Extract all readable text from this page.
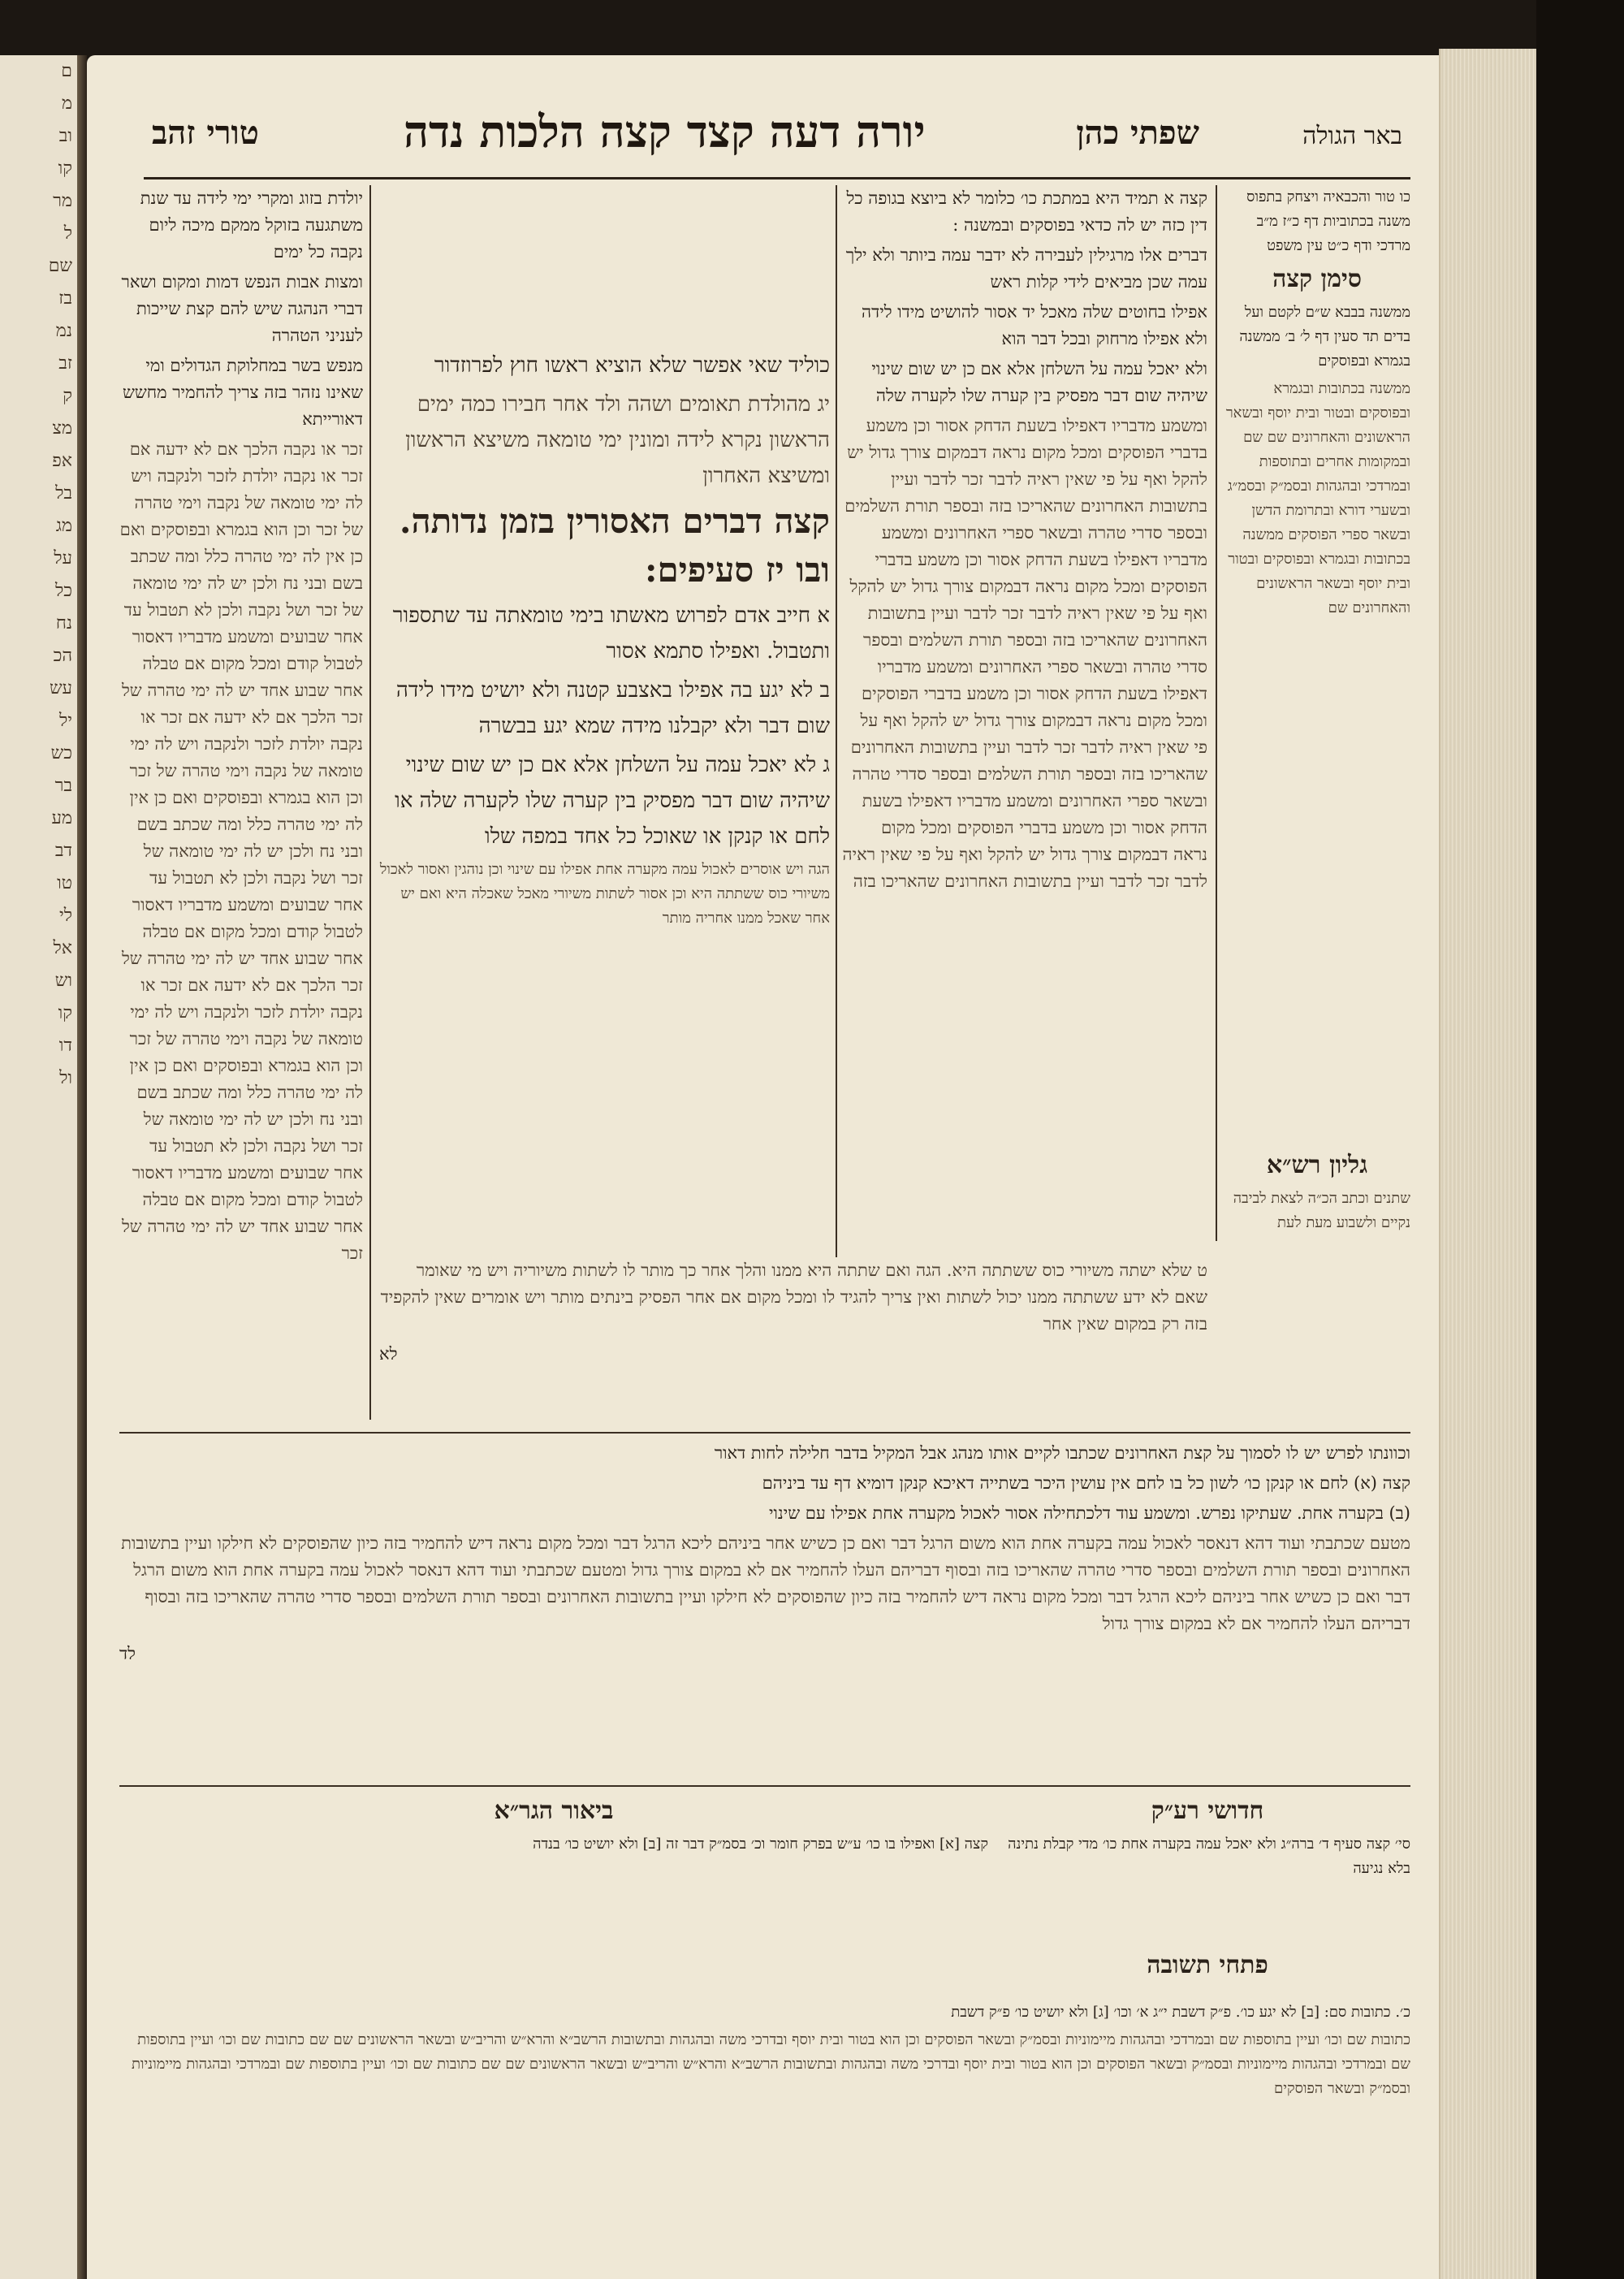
ם
מ
וב
קו
מר
ל
שם
בז
נמ
זב
ק
מצ
אפ
בל
מג
על
כל
נח
הכ
עש
יל
כש
בר
מע
דב
טו
לי
אל
וש
קו
דו
ול
באר הגולה
שפתי כהן
יורה דעה קצד קצה הלכות נדה
טורי זהב

כו טור והכבאיה ויצחק בתפוס משנה בכתוביות דף כ״ז מ״ב מרדכי ודף כ״ט עין משפט

סימן קצה

ממשנה בבבא ש״ם לקטם ועל בדים תד סעין דף ל׳ ב׳ ממשנה בגמרא ובפוסקים

ממשנה בכתובות ובגמרא ובפוסקים ובטור ובית יוסף ובשאר הראשונים והאחרונים שם שם ובמקומות אחרים ובתוספות ובמרדכי ובהגהות ובסמ״ק ובסמ״ג ובשערי דורא ובתרומת הדשן ובשאר ספרי הפוסקים ממשנה בכתובות ובגמרא ובפוסקים ובטור ובית יוסף ובשאר הראשונים והאחרונים שם

גליון רש״א

שתנים וכתב הכ״ה לצאת לביבה נקיים ולשבוע מעת לעת

קצה א תמיד היא במתכת כו׳ כלומר לא ביוצא בגופה כל דין כזה יש לה כדאי בפוסקים ובמשנה :

דברים אלו מרגילין לעבירה לא ידבר עמה ביותר ולא ילך עמה שכן מביאים לידי קלות ראש

אפילו בחוטים שלה מאכל יד אסור להושיט מידו לידה ולא אפילו מרחוק ובכל דבר הוא

ולא יאכל עמה על השלחן אלא אם כן יש שום שינוי שיהיה שום דבר מפסיק בין קערה שלו לקערה שלה

ומשמע מדבריו דאפילו בשעת הדחק אסור וכן משמע בדברי הפוסקים ומכל מקום נראה דבמקום צורך גדול יש להקל ואף על פי שאין ראיה לדבר זכר לדבר ועיין בתשובות האחרונים שהאריכו בזה ובספר תורת השלמים ובספר סדרי טהרה ובשאר ספרי האחרונים ומשמע מדבריו דאפילו בשעת הדחק אסור וכן משמע בדברי הפוסקים ומכל מקום נראה דבמקום צורך גדול יש להקל ואף על פי שאין ראיה לדבר זכר לדבר ועיין בתשובות האחרונים שהאריכו בזה ובספר תורת השלמים ובספר סדרי טהרה ובשאר ספרי האחרונים ומשמע מדבריו דאפילו בשעת הדחק אסור וכן משמע בדברי הפוסקים ומכל מקום נראה דבמקום צורך גדול יש להקל ואף על פי שאין ראיה לדבר זכר לדבר ועיין בתשובות האחרונים שהאריכו בזה ובספר תורת השלמים ובספר סדרי טהרה ובשאר ספרי האחרונים ומשמע מדבריו דאפילו בשעת הדחק אסור וכן משמע בדברי הפוסקים ומכל מקום נראה דבמקום צורך גדול יש להקל ואף על פי שאין ראיה לדבר זכר לדבר ועיין בתשובות האחרונים שהאריכו בזה

כוליד שאי אפשר שלא הוציא ראשו חוץ לפרוזדור

יג מהולדת תאומים ושהה ולד אחר חבירו כמה ימים הראשון נקרא לידה ומונין ימי טומאה משיצא הראשון ומשיצא האחרון

קצה דברים האסורין בזמן נדותה. ובו יז סעיפים:

א חייב אדם לפרוש מאשתו בימי טומאתה עד שתספור ותטבול. ואפילו סתמא אסור

ב לא יגע בה אפילו באצבע קטנה ולא יושיט מידו לידה שום דבר ולא יקבלנו מידה שמא יגע בבשרה

ג לא יאכל עמה על השלחן אלא אם כן יש שום שינוי שיהיה שום דבר מפסיק בין קערה שלו לקערה שלה או לחם או קנקן או שאוכל כל אחד במפה שלו

הגה ויש אוסרים לאכול עמה מקערה אחת אפילו עם שינוי וכן נוהגין ואסור לאכול משיורי כוס ששתתה היא וכן אסור לשתות משיורי מאכל שאכלה היא ואם יש אחר שאכל ממנו אחריה מותר

ט שלא ישתה משיורי כוס ששתתה היא. הגה ואם שתתה היא ממנו והלך אחר כך מותר לו לשתות משיוריה ויש מי שאומר שאם לא ידע ששתתה ממנו יכול לשתות ואין צריך להגיד לו ומכל מקום אם אחר הפסיק בינתים מותר ויש אומרים שאין להקפיד בזה רק במקום שאין אחר

לא

יולדת בזוג ומקרי ימי לידה עד שנת משתגעה בזוקל ממקם מיכה ליום נקבה כל ימים

ומצות אבות הנפש דמות ומקום ושאר דברי הנהגה שיש להם קצת שייכות לעניני הטהרה

מנפש בשר במחלוקת הגדולים ומי שאינו נזהר בזה צריך להחמיר מחשש דאורייתא

זכר או נקבה הלכך אם לא ידעה אם זכר או נקבה יולדת לזכר ולנקבה ויש לה ימי טומאה של נקבה וימי טהרה של זכר וכן הוא בגמרא ובפוסקים ואם כן אין לה ימי טהרה כלל ומה שכתב בשם ובני נח ולכן יש לה ימי טומאה של זכר ושל נקבה ולכן לא תטבול עד אחר שבועים ומשמע מדבריו דאסור לטבול קודם ומכל מקום אם טבלה אחר שבוע אחד יש לה ימי טהרה של זכר הלכך אם לא ידעה אם זכר או נקבה יולדת לזכר ולנקבה ויש לה ימי טומאה של נקבה וימי טהרה של זכר וכן הוא בגמרא ובפוסקים ואם כן אין לה ימי טהרה כלל ומה שכתב בשם ובני נח ולכן יש לה ימי טומאה של זכר ושל נקבה ולכן לא תטבול עד אחר שבועים ומשמע מדבריו דאסור לטבול קודם ומכל מקום אם טבלה אחר שבוע אחד יש לה ימי טהרה של זכר הלכך אם לא ידעה אם זכר או נקבה יולדת לזכר ולנקבה ויש לה ימי טומאה של נקבה וימי טהרה של זכר וכן הוא בגמרא ובפוסקים ואם כן אין לה ימי טהרה כלל ומה שכתב בשם ובני נח ולכן יש לה ימי טומאה של זכר ושל נקבה ולכן לא תטבול עד אחר שבועים ומשמע מדבריו דאסור לטבול קודם ומכל מקום אם טבלה אחר שבוע אחד יש לה ימי טהרה של זכר

וכוונתו לפרש יש לו לסמוך על קצת האחרונים שכתבו לקיים אותו מנהג אבל המקיל בדבר חלילה לחות דאור

קצה (א) לחם או קנקן כו׳ לשון כל בו לחם אין עושין היכר בשתייה דאיכא קנקן דומיא דף עד ביניהם

(ב) בקערה אחת. שעתיקו נפרש. ומשמע עוד דלכתחילה אסור לאכול מקערה אחת אפילו עם שינוי

מטעם שכתבתי ועוד דהא דנאסר לאכול עמה בקערה אחת הוא משום הרגל דבר ואם כן כשיש אחר ביניהם ליכא הרגל דבר ומכל מקום נראה דיש להחמיר בזה כיון שהפוסקים לא חילקו ועיין בתשובות האחרונים ובספר תורת השלמים ובספר סדרי טהרה שהאריכו בזה ובסוף דבריהם העלו להחמיר אם לא במקום צורך גדול ומטעם שכתבתי ועוד דהא דנאסר לאכול עמה בקערה אחת הוא משום הרגל דבר ואם כן כשיש אחר ביניהם ליכא הרגל דבר ומכל מקום נראה דיש להחמיר בזה כיון שהפוסקים לא חילקו ועיין בתשובות האחרונים ובספר תורת השלמים ובספר סדרי טהרה שהאריכו בזה ובסוף דבריהם העלו להחמיר אם לא במקום צורך גדול

לד

חדושי רע״ק

סי׳ קצה סעיף ד׳ ברה״ג ולא יאכל עמה בקערה אחת כו׳ מדי קבלת נתינה בלא נגיעה

ביאור הגר״א

קצה [א] ואפילו בו כו׳ ע״ש בפרק חומר וכ׳ בסמ״ק דבר זה [ב] ולא יושיט כו׳ בנדה

פתחי תשובה

כ׳. כתובות סם: [ב] לא יגע כו׳. פ״ק דשבת י״ג א׳ וכו׳ [ג] ולא יושיט כו׳ פ״ק דשבת

כתובות שם וכו׳ ועיין בתוספות שם ובמרדכי ובהגהות מיימוניות ובסמ״ק ובשאר הפוסקים וכן הוא בטור ובית יוסף ובדרכי משה ובהגהות ובתשובות הרשב״א והרא״ש והריב״ש ובשאר הראשונים שם שם כתובות שם וכו׳ ועיין בתוספות שם ובמרדכי ובהגהות מיימוניות ובסמ״ק ובשאר הפוסקים וכן הוא בטור ובית יוסף ובדרכי משה ובהגהות ובתשובות הרשב״א והרא״ש והריב״ש ובשאר הראשונים שם שם כתובות שם וכו׳ ועיין בתוספות שם ובמרדכי ובהגהות מיימוניות ובסמ״ק ובשאר הפוסקים
